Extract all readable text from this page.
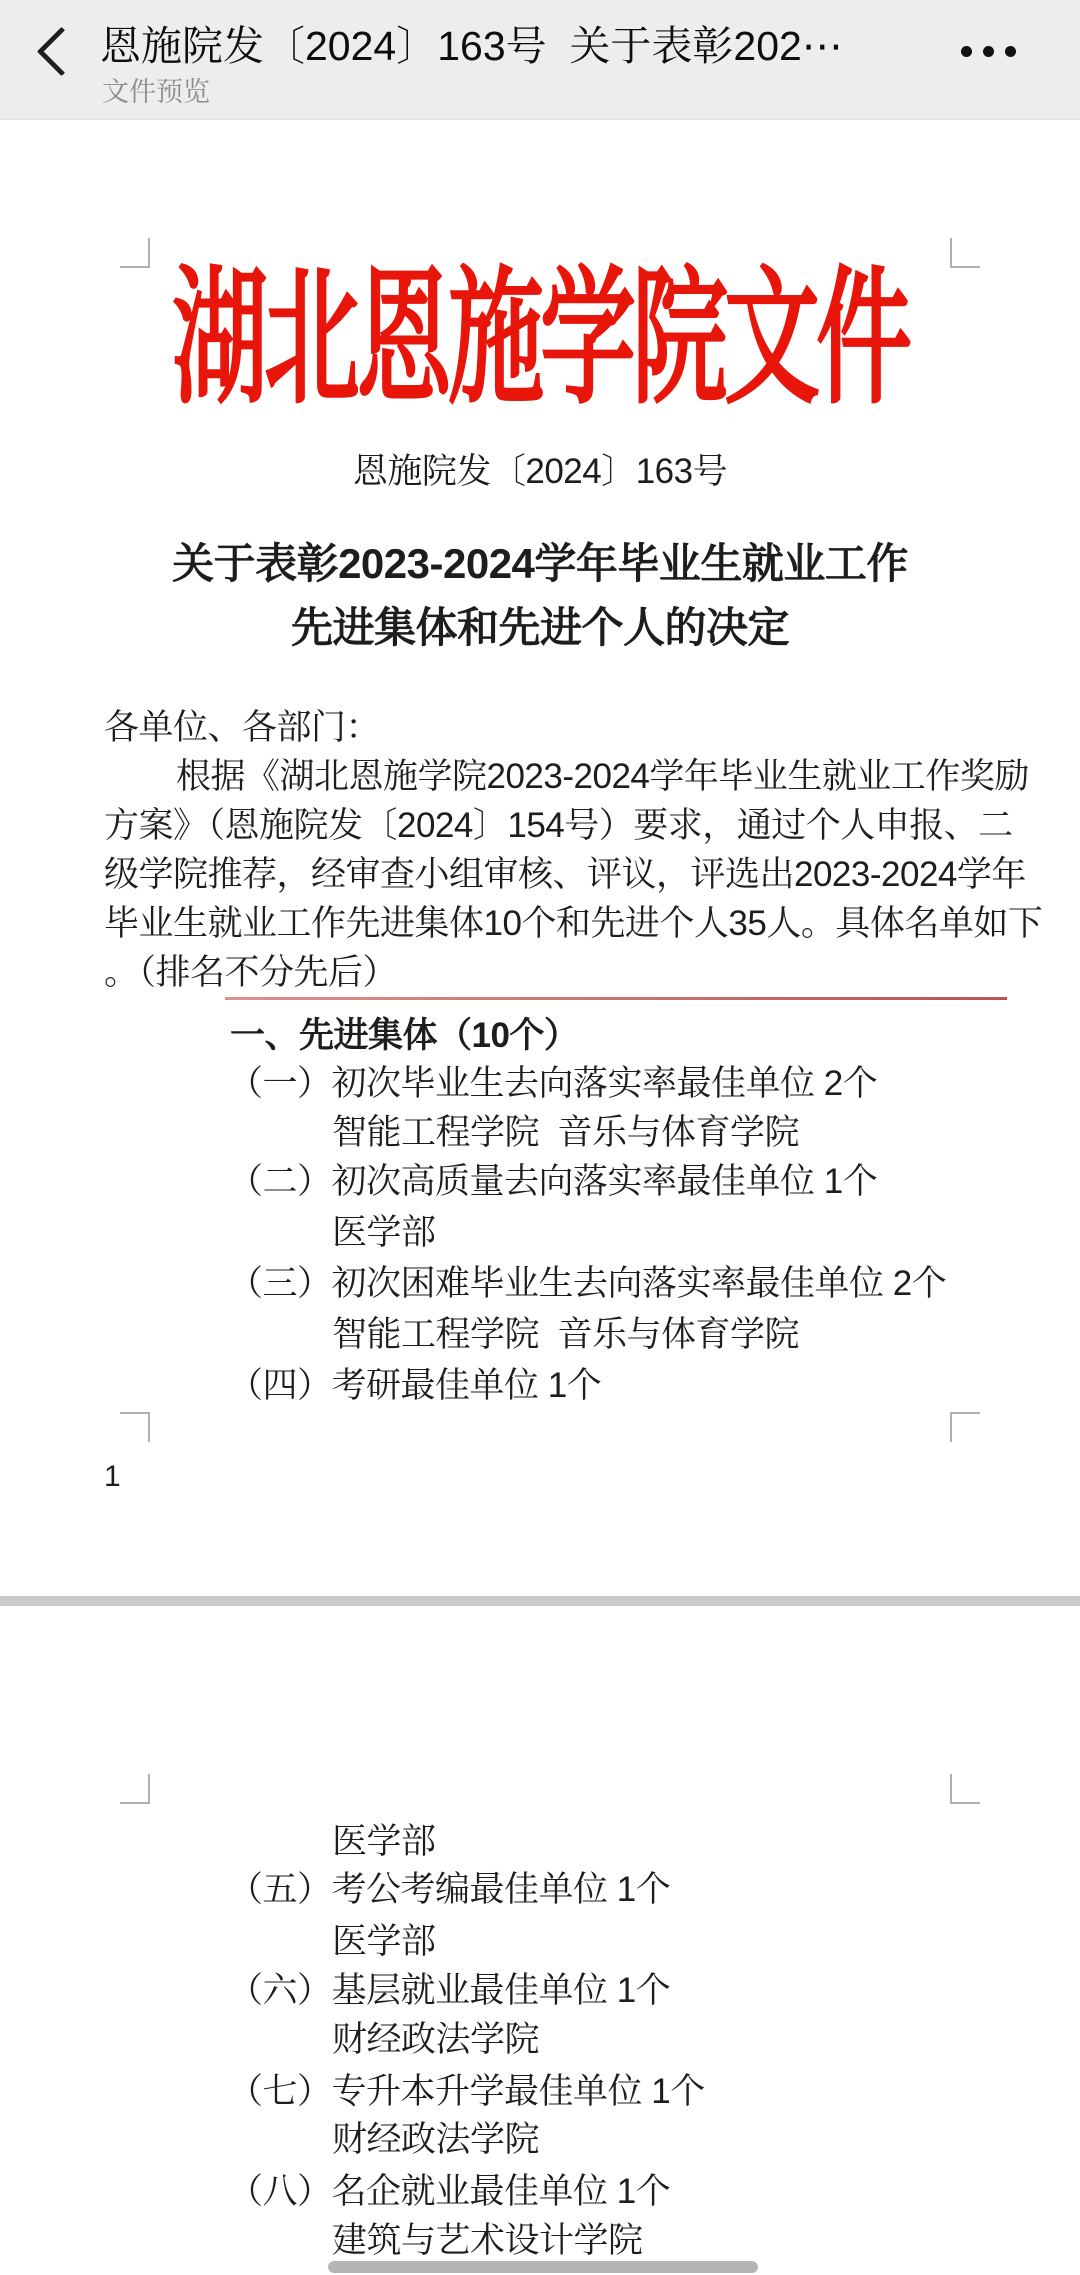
恩施院发〔2024〕163号  关于表彰202⋯
文件预览
湖北恩施学院文件
恩施院发〔2024〕163号
关于表彰2023-2024学年毕业生就业工作
先进集体和先进个人的决定
各单位、各部门：
根据《湖北恩施学院2023-2024学年毕业生就业工作奖励
方案》（恩施院发〔2024〕154号）要求，通过个人申报、二
级学院推荐，经审查小组审核、评议，评选出2023-2024学年
毕业生就业工作先进集体10个和先进个人35人。具体名单如下
。（排名不分先后）
一、先进集体（10个）
（一）初次毕业生去向落实率最佳单位 2个
智能工程学院  音乐与体育学院
（二）初次高质量去向落实率最佳单位 1个
医学部
（三）初次困难毕业生去向落实率最佳单位 2个
智能工程学院  音乐与体育学院
（四）考研最佳单位 1个
1
医学部
（五）考公考编最佳单位 1个
医学部
（六）基层就业最佳单位 1个
财经政法学院
（七）专升本升学最佳单位 1个
财经政法学院
（八）名企就业最佳单位 1个
建筑与艺术设计学院
